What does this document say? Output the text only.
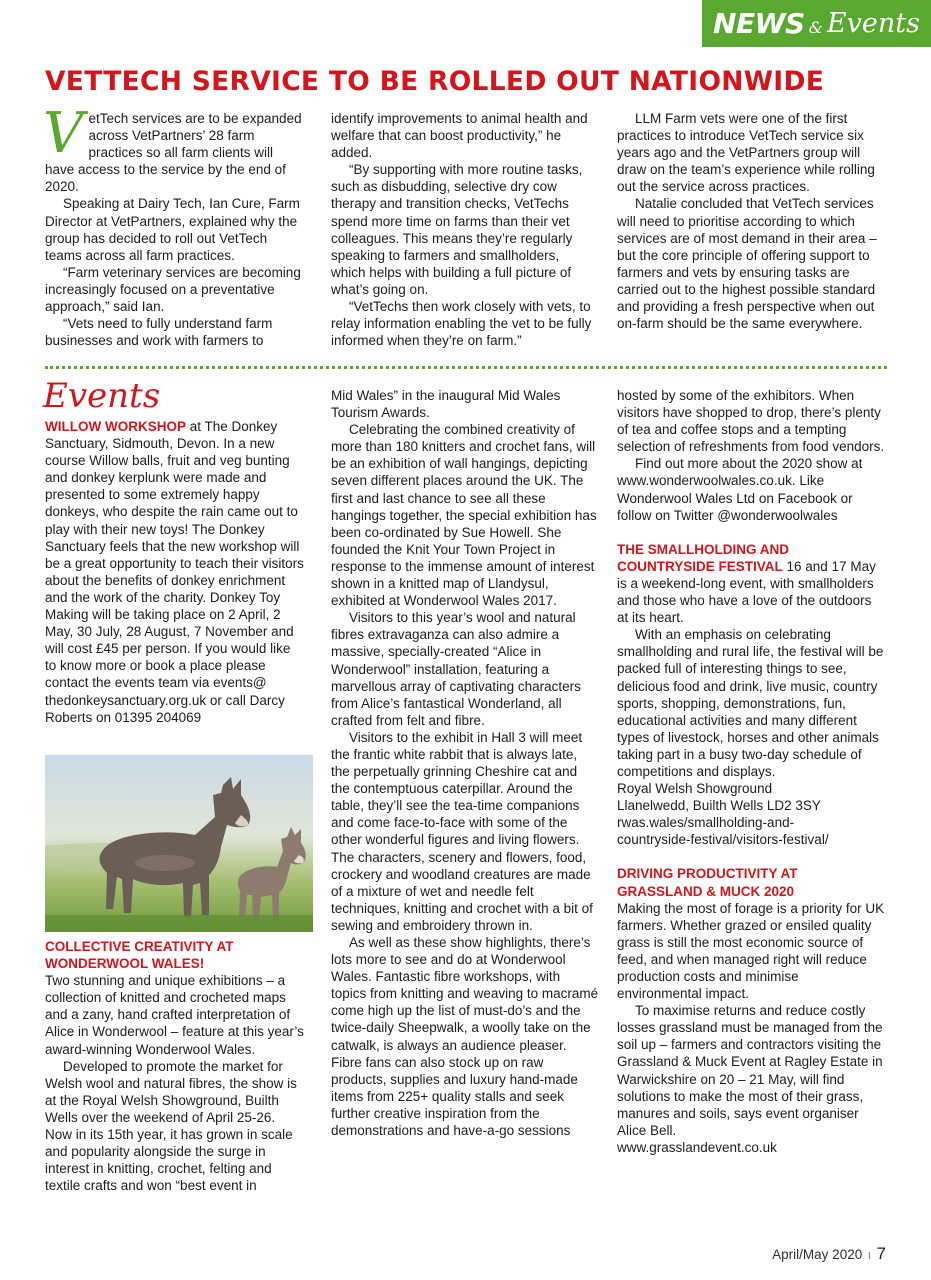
NEWS & Events
VETTECH SERVICE TO BE ROLLED OUT NATIONWIDE

VetTech services are to be expanded across VetPartners’ 28 farm practices so all farm clients will have access to the service by the end of 2020.

Speaking at Dairy Tech, Ian Cure, Farm Director at VetPartners, explained why the group has decided to roll out VetTech teams across all farm practices.

“Farm veterinary services are becoming increasingly focused on a preventative approach,” said Ian.

“Vets need to fully understand farm businesses and work with farmers to

identify improvements to animal health and welfare that can boost productivity,” he added.

“By supporting with more routine tasks, such as disbudding, selective dry cow therapy and transition checks, VetTechs spend more time on farms than their vet colleagues. This means they’re regularly speaking to farmers and smallholders, which helps with building a full picture of what’s going on.

“VetTechs then work closely with vets, to relay information enabling the vet to be fully informed when they’re on farm.”

LLM Farm vets were one of the first practices to introduce VetTech service six years ago and the VetPartners group will draw on the team’s experience while rolling out the service across practices.

Natalie concluded that VetTech services will need to prioritise according to which services are of most demand in their area – but the core principle of offering support to farmers and vets by ensuring tasks are carried out to the highest possible standard and providing a fresh perspective when out on-farm should be the same everywhere.

Events

WILLOW WORKSHOP at The Donkey Sanctuary, Sidmouth, Devon. In a new course Willow balls, fruit and veg bunting and donkey kerplunk were made and presented to some extremely happy donkeys, who despite the rain came out to play with their new toys! The Donkey Sanctuary feels that the new workshop will be a great opportunity to teach their visitors about the benefits of donkey enrichment and the work of the charity. Donkey Toy Making will be taking place on 2 April, 2 May, 30 July, 28 August, 7 November and will cost £45 per person. If you would like to know more or book a place please contact the events team via events@ thedonkeysanctuary.org.uk or call Darcy Roberts on 01395 204069

COLLECTIVE CREATIVITY AT WONDERWOOL WALES!

Two stunning and unique exhibitions – a collection of knitted and crocheted maps and a zany, hand crafted interpretation of Alice in Wonderwool – feature at this year’s award-winning Wonderwool Wales.

Developed to promote the market for Welsh wool and natural fibres, the show is at the Royal Welsh Showground, Builth Wells over the weekend of April 25-26. Now in its 15th year, it has grown in scale and popularity alongside the surge in interest in knitting, crochet, felting and textile crafts and won “best event in

Mid Wales” in the inaugural Mid Wales Tourism Awards.

Celebrating the combined creativity of more than 180 knitters and crochet fans, will be an exhibition of wall hangings, depicting seven different places around the UK. The first and last chance to see all these hangings together, the special exhibition has been co-ordinated by Sue Howell. She founded the Knit Your Town Project in response to the immense amount of interest shown in a knitted map of Llandysul, exhibited at Wonderwool Wales 2017.

Visitors to this year’s wool and natural fibres extravaganza can also admire a massive, specially-created “Alice in Wonderwool” installation, featuring a marvellous array of captivating characters from Alice’s fantastical Wonderland, all crafted from felt and fibre.

Visitors to the exhibit in Hall 3 will meet the frantic white rabbit that is always late, the perpetually grinning Cheshire cat and the contemptuous caterpillar. Around the table, they’ll see the tea-time companions and come face-to-face with some of the other wonderful figures and living flowers. The characters, scenery and flowers, food, crockery and woodland creatures are made of a mixture of wet and needle felt techniques, knitting and crochet with a bit of sewing and embroidery thrown in.

As well as these show highlights, there’s lots more to see and do at Wonderwool Wales. Fantastic fibre workshops, with topics from knitting and weaving to macramé come high up the list of must-do’s and the twice-daily Sheepwalk, a woolly take on the catwalk, is always an audience pleaser. Fibre fans can also stock up on raw products, supplies and luxury hand-made items from 225+ quality stalls and seek further creative inspiration from the demonstrations and have-a-go sessions

hosted by some of the exhibitors. When visitors have shopped to drop, there’s plenty of tea and coffee stops and a tempting selection of refreshments from food vendors.

Find out more about the 2020 show at www.wonderwoolwales.co.uk. Like Wonderwool Wales Ltd on Facebook or follow on Twitter @wonderwoolwales

THE SMALLHOLDING AND COUNTRYSIDE FESTIVAL 16 and 17 May is a weekend-long event, with smallholders and those who have a love of the outdoors at its heart.

With an emphasis on celebrating smallholding and rural life, the festival will be packed full of interesting things to see, delicious food and drink, live music, country sports, shopping, demonstrations, fun, educational activities and many different types of livestock, horses and other animals taking part in a busy two-day schedule of competitions and displays.

Royal Welsh Showground

Llanelwedd, Builth Wells LD2 3SY

rwas.wales/smallholding-and-

countryside-festival/visitors-festival/

DRIVING PRODUCTIVITY AT GRASSLAND & MUCK 2020

Making the most of forage is a priority for UK farmers. Whether grazed or ensiled quality grass is still the most economic source of feed, and when managed right will reduce production costs and minimise environmental impact.

To maximise returns and reduce costly losses grassland must be managed from the soil up – farmers and contractors visiting the Grassland & Muck Event at Ragley Estate in Warwickshire on 20 – 21 May, will find solutions to make the most of their grass, manures and soils, says event organiser Alice Bell.

www.grasslandevent.co.uk

April/May 2020 I 7
